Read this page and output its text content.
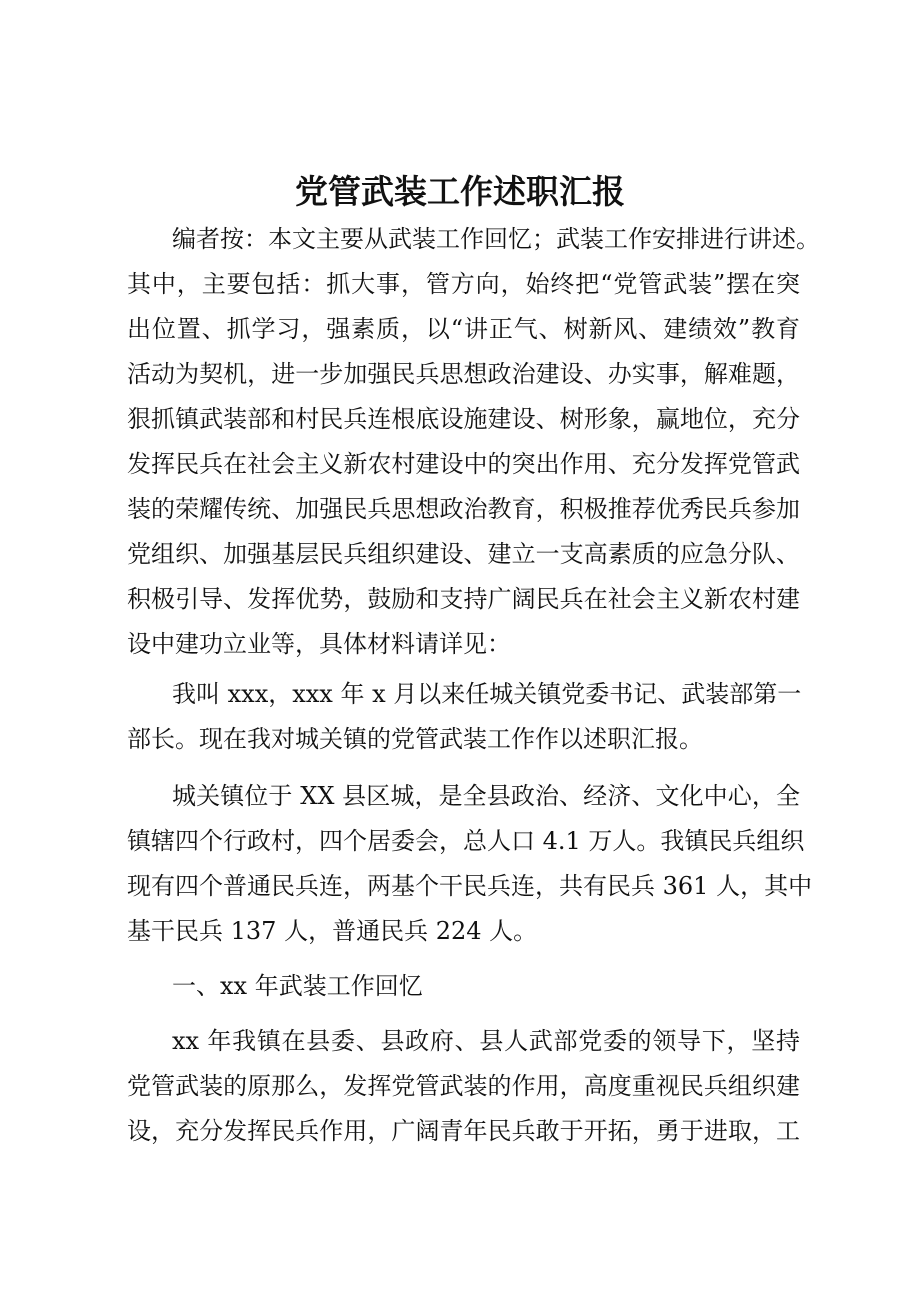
党管武装工作述职汇报
编者按：本文主要从武装工作回忆；武装工作安排进行讲述。
其中，主要包括：抓大事，管方向，始终把“党管武装”摆在突
出位置、抓学习，强素质，以“讲正气、树新风、建绩效”教育
活动为契机，进一步加强民兵思想政治建设、办实事，解难题，
狠抓镇武装部和村民兵连根底设施建设、树形象，赢地位，充分
发挥民兵在社会主义新农村建设中的突出作用、充分发挥党管武
装的荣耀传统、加强民兵思想政治教育，积极推荐优秀民兵参加
党组织、加强基层民兵组织建设、建立一支高素质的应急分队、
积极引导、发挥优势，鼓励和支持广阔民兵在社会主义新农村建
设中建功立业等，具体材料请详见：
我叫 xxx，xxx 年 x 月以来任城关镇党委书记、武装部第一
部长。现在我对城关镇的党管武装工作作以述职汇报。
城关镇位于 XX 县区城，是全县政治、经济、文化中心，全
镇辖四个行政村，四个居委会，总人口 4.1 万人。我镇民兵组织
现有四个普通民兵连，两基个干民兵连，共有民兵 361 人，其中
基干民兵 137 人，普通民兵 224 人。
一、xx 年武装工作回忆
xx 年我镇在县委、县政府、县人武部党委的领导下，坚持
党管武装的原那么，发挥党管武装的作用，高度重视民兵组织建
设，充分发挥民兵作用，广阔青年民兵敢于开拓，勇于进取，工
